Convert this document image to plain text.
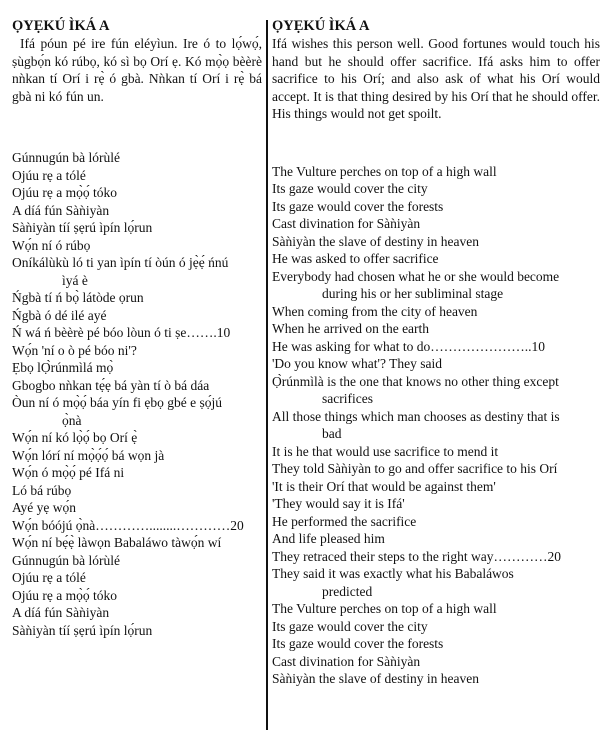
ỌYẸKÚ ÌKÁ A

Ifá póun pé ire fún eléyìun. Ire ó to lọ́wọ́, ṣùgbọ́n kó rúbọ, kó sì bọ Orí ẹ. Kó mọ̀ọ bèèrè nǹkan tí Orí i rẹ̀ ó gbà. Nǹkan tí Orí i rẹ̀ bá gbà ni kó fún un.

Gúnnugún bà lórùlé
Ojúu rẹ a tólé
Ojúu rẹ a mọ̀ọ́ tóko
A díá fún Sàǹiyàn
Sàǹiyàn tíí ṣẹrú ìpín lọ́run
Wọ́n ní ó rúbọ
Oníkálùkù ló ti yan ìpín tí òún ó jẹ̀ẹ́ ńnú
ìyá è
Ńgbà tí ń bọ̀ látòde ọrun
Ńgbà ó dé ilé ayé
Ń wá ń bèèrè pé bóo lòun ó ti ṣe…….10
Wọ́n 'ní o ò pé bóo ni'?
Ẹbọ lỌ̀rúnmìlá mọ̀
Gbogbo nǹkan tẹ́ẹ bá yàn tí ò bá dáa
Òun ní ó mọ̀ọ́ báa yín fi ẹbọ gbé e ṣọ́jú
ọ̀nà
Wọ́n ní kó lọ̀ọ́ bọ Orí ẹ̀
Wọ́n lórí ní mọ̀ọ́ọ́ bá wọn jà
Wọ́n ó mọ̀ọ́ pé Ifá ni
Ló bá rúbọ
Ayé yẹ wọ́n
Wọ́n bóójú ọ̀nà…………........…………20
Wọ́n ní bẹ́ẹ̀ làwọn Babaláwo tàwọ́n wí
Gúnnugún bà lórùlé
Ojúu rẹ a tólé
Ojúu rẹ a mọ̀ọ́ tóko
A díá fún Sàǹiyàn
Sàǹiyàn tíí ṣẹrú ìpín lọ́run
ỌYẸKÚ ÌKÁ A

Ifá wishes this person well. Good fortunes would touch his hand but he should offer sacrifice. Ifá asks him to offer sacrifice to his Orí; and also ask of what his Orí would accept. It is that thing desired by his Orí that he should offer. His things would not get spoilt.

The Vulture perches on top of a high wall
Its gaze would cover the city
Its gaze would cover the forests
Cast divination for Sàǹiyàn
Sàǹiyàn the slave of destiny in heaven
He was asked to offer sacrifice
Everybody had chosen what he or she would become
during his or her subliminal stage
When coming from the city of heaven
When he arrived on the earth
He was asking for what to do…………………..10
'Do you know what'? They said
Ọ̀rúnmìlà is the one that knows no other thing except
sacrifices
All those things which man chooses as destiny that is
bad
It is he that would use sacrifice to mend it
They told Sàǹiyàn to go and offer sacrifice to his Orí
'It is their Orí that would be against them'
'They would say it is Ifá'
He performed the sacrifice
And life pleased him
They retraced their steps to the right way…………20
They said it was exactly what his Babaláwos
predicted
The Vulture perches on top of a high wall
Its gaze would cover the city
Its gaze would cover the forests
Cast divination for Sàǹiyàn
Sàǹiyàn the slave of destiny in heaven
